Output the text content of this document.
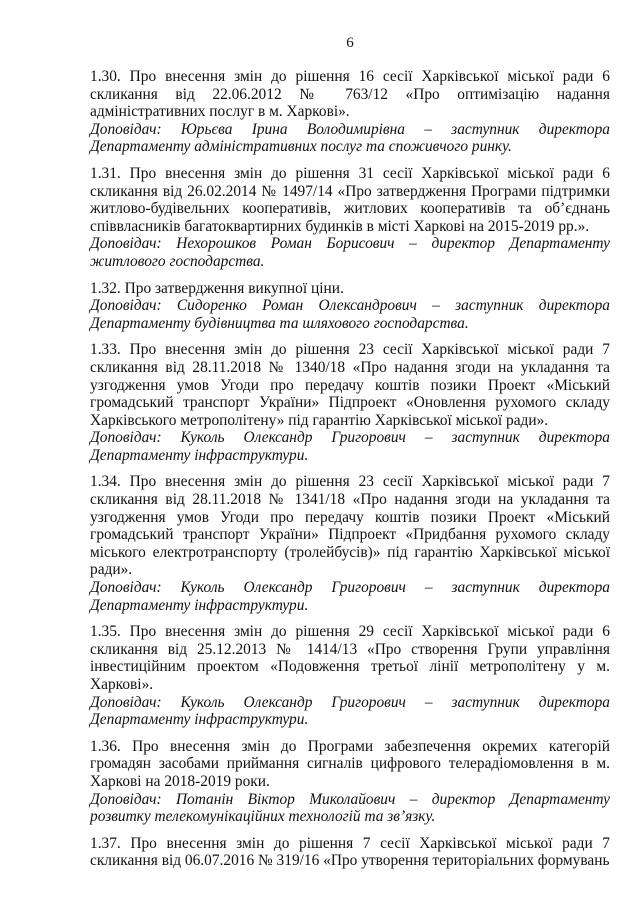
6

1.30. Про внесення змін до рішення 16 сесії Харківської міської ради 6 скликання від 22.06.2012 № 763/12 «Про оптимізацію надання адміністративних послуг в м. Харкові».

Доповідач: Юрьєва Ірина Володимирівна – заступник директора Департаменту адміністративних послуг та споживчого ринку.

1.31. Про внесення змін до рішення 31 сесії Харківської міської ради 6 скликання від 26.02.2014 № 1497/14 «Про затвердження Програми підтримки житлово-будівельних кооперативів, житлових кооперативів та об’єднань співвласників багатоквартирних будинків в місті Харкові на 2015-2019 рр.».

Доповідач: Нехорошков Роман Борисович – директор Департаменту житлового господарства.

1.32. Про затвердження викупної ціни.

Доповідач: Сидоренко Роман Олександрович – заступник директора Департаменту будівництва та шляхового господарства.

1.33. Про внесення змін до рішення 23 сесії Харківської міської ради 7 скликання від 28.11.2018 № 1340/18 «Про надання згоди на укладання та узгодження умов Угоди про передачу коштів позики Проект «Міський громадський транспорт України» Підпроект «Оновлення рухомого складу Харківського метрополітену» під гарантію Харківської міської ради».

Доповідач: Куколь Олександр Григорович – заступник директора Департаменту інфраструктури.

1.34. Про внесення змін до рішення 23 сесії Харківської міської ради 7 скликання від 28.11.2018 № 1341/18 «Про надання згоди на укладання та узгодження умов Угоди про передачу коштів позики Проект «Міський громадський транспорт України» Підпроект «Придбання рухомого складу міського електротранспорту (тролейбусів)» під гарантію Харківської міської ради».

Доповідач: Куколь Олександр Григорович – заступник директора Департаменту інфраструктури.

1.35. Про внесення змін до рішення 29 сесії Харківської міської ради 6 скликання від 25.12.2013 № 1414/13 «Про створення Групи управління інвестиційним проектом «Подовження третьої лінії метрополітену у м. Харкові».

Доповідач: Куколь Олександр Григорович – заступник директора Департаменту інфраструктури.

1.36. Про внесення змін до Програми забезпечення окремих категорій громадян засобами приймання сигналів цифрового телерадіомовлення в м. Харкові на 2018-2019 роки.

Доповідач: Потанін Віктор Миколайович – директор Департаменту розвитку телекомунікаційних технологій та зв’язку.

1.37. Про внесення змін до рішення 7 сесії Харківської міської ради 7 скликання від 06.07.2016 № 319/16 «Про утворення територіальних формувань
